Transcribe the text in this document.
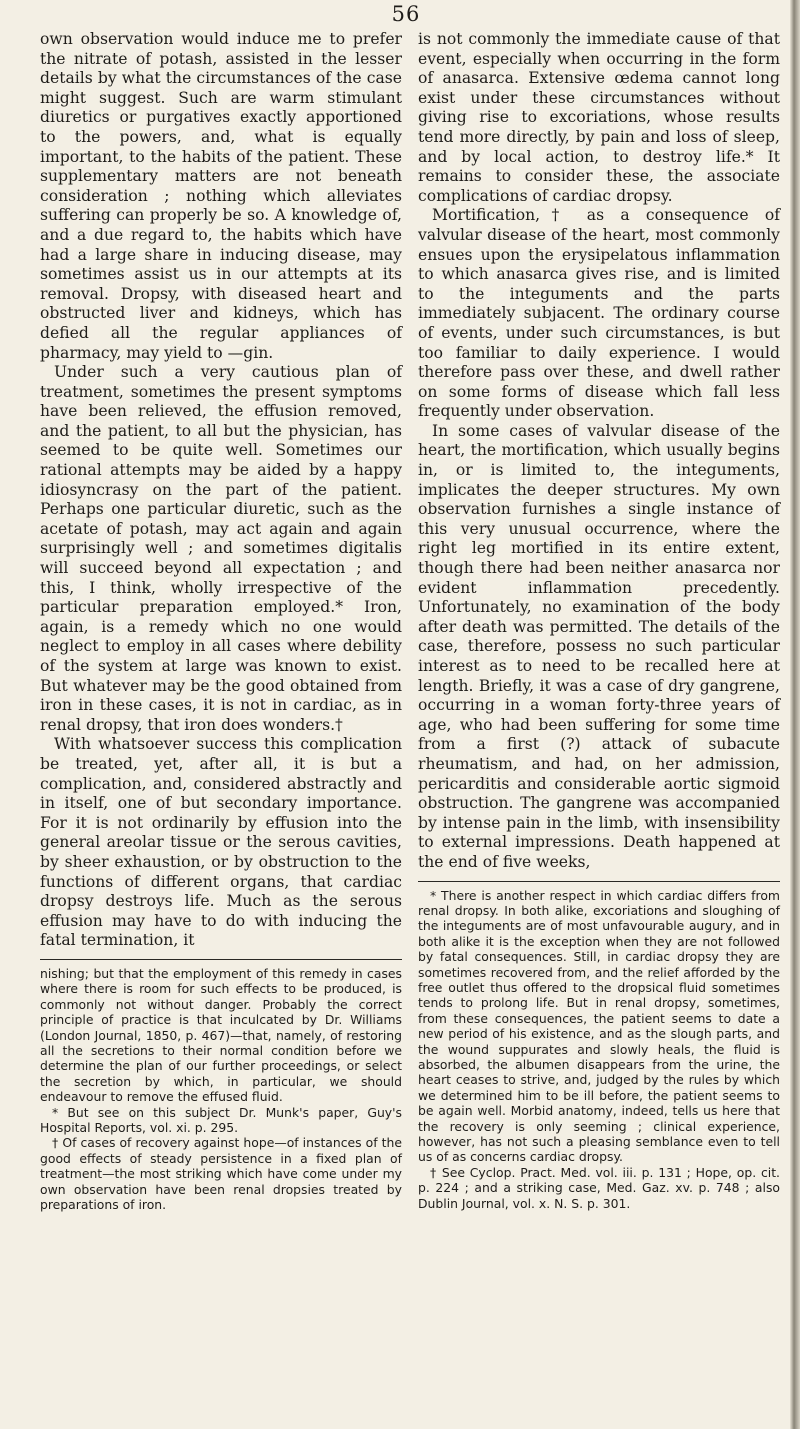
56

own observation would induce me to prefer the nitrate of potash, assisted in the lesser details by what the circumstances of the case might suggest. Such are warm stimulant diuretics or purgatives exactly apportioned to the powers, and, what is equally important, to the habits of the patient. These supplementary matters are not beneath consideration ; nothing which alleviates suffering can properly be so. A knowledge of, and a due regard to, the habits which have had a large share in inducing disease, may sometimes assist us in our attempts at its removal. Dropsy, with diseased heart and obstructed liver and kidneys, which has defied all the regular appliances of pharmacy, may yield to —gin.

Under such a very cautious plan of treatment, sometimes the present symptoms have been relieved, the effusion removed, and the patient, to all but the physician, has seemed to be quite well. Sometimes our rational attempts may be aided by a happy idiosyncrasy on the part of the patient. Perhaps one particular diuretic, such as the acetate of potash, may act again and again surprisingly well ; and sometimes digitalis will succeed beyond all expectation ; and this, I think, wholly irrespective of the particular preparation employed.* Iron, again, is a remedy which no one would neglect to employ in all cases where debility of the system at large was known to exist. But whatever may be the good obtained from iron in these cases, it is not in cardiac, as in renal dropsy, that iron does wonders.†

With whatsoever success this complication be treated, yet, after all, it is but a complication, and, considered abstractly and in itself, one of but secondary importance. For it is not ordinarily by effusion into the general areolar tissue or the serous cavities, by sheer exhaustion, or by obstruction to the functions of different organs, that cardiac dropsy destroys life. Much as the serous effusion may have to do with inducing the fatal termination, it

nishing; but that the employment of this remedy in cases where there is room for such effects to be produced, is commonly not without danger. Probably the correct principle of practice is that inculcated by Dr. Williams (London Journal, 1850, p. 467)—that, namely, of restoring all the secretions to their normal condition before we determine the plan of our further proceedings, or select the secretion by which, in particular, we should endeavour to remove the effused fluid.

* But see on this subject Dr. Munk's paper, Guy's Hospital Reports, vol. xi. p. 295.

† Of cases of recovery against hope—of instances of the good effects of steady persistence in a fixed plan of treatment—the most striking which have come under my own observation have been renal dropsies treated by preparations of iron.

is not commonly the immediate cause of that event, especially when occurring in the form of anasarca. Extensive œdema cannot long exist under these circumstances without giving rise to excoriations, whose results tend more directly, by pain and loss of sleep, and by local action, to destroy life.* It remains to consider these, the associate complications of cardiac dropsy.

Mortification,† as a consequence of valvular disease of the heart, most commonly ensues upon the erysipelatous inflammation to which anasarca gives rise, and is limited to the integuments and the parts immediately subjacent. The ordinary course of events, under such circumstances, is but too familiar to daily experience. I would therefore pass over these, and dwell rather on some forms of disease which fall less frequently under observation.

In some cases of valvular disease of the heart, the mortification, which usually begins in, or is limited to, the integuments, implicates the deeper structures. My own observation furnishes a single instance of this very unusual occurrence, where the right leg mortified in its entire extent, though there had been neither anasarca nor evident inflammation precedently. Unfortunately, no examination of the body after death was permitted. The details of the case, therefore, possess no such particular interest as to need to be recalled here at length. Briefly, it was a case of dry gangrene, occurring in a woman forty-three years of age, who had been suffering for some time from a first (?) attack of subacute rheumatism, and had, on her admission, pericarditis and considerable aortic sigmoid obstruction. The gangrene was accompanied by intense pain in the limb, with insensibility to external impressions. Death happened at the end of five weeks,

* There is another respect in which cardiac differs from renal dropsy. In both alike, excoriations and sloughing of the integuments are of most unfavourable augury, and in both alike it is the exception when they are not followed by fatal consequences. Still, in cardiac dropsy they are sometimes recovered from, and the relief afforded by the free outlet thus offered to the dropsical fluid sometimes tends to prolong life. But in renal dropsy, sometimes, from these consequences, the patient seems to date a new period of his existence, and as the slough parts, and the wound suppurates and slowly heals, the fluid is absorbed, the albumen disappears from the urine, the heart ceases to strive, and, judged by the rules by which we determined him to be ill before, the patient seems to be again well. Morbid anatomy, indeed, tells us here that the recovery is only seeming ; clinical experience, however, has not such a pleasing semblance even to tell us of as concerns cardiac dropsy.

† See Cyclop. Pract. Med. vol. iii. p. 131 ; Hope, op. cit. p. 224 ; and a striking case, Med. Gaz. xv. p. 748 ; also Dublin Journal, vol. x. N. S. p. 301.
